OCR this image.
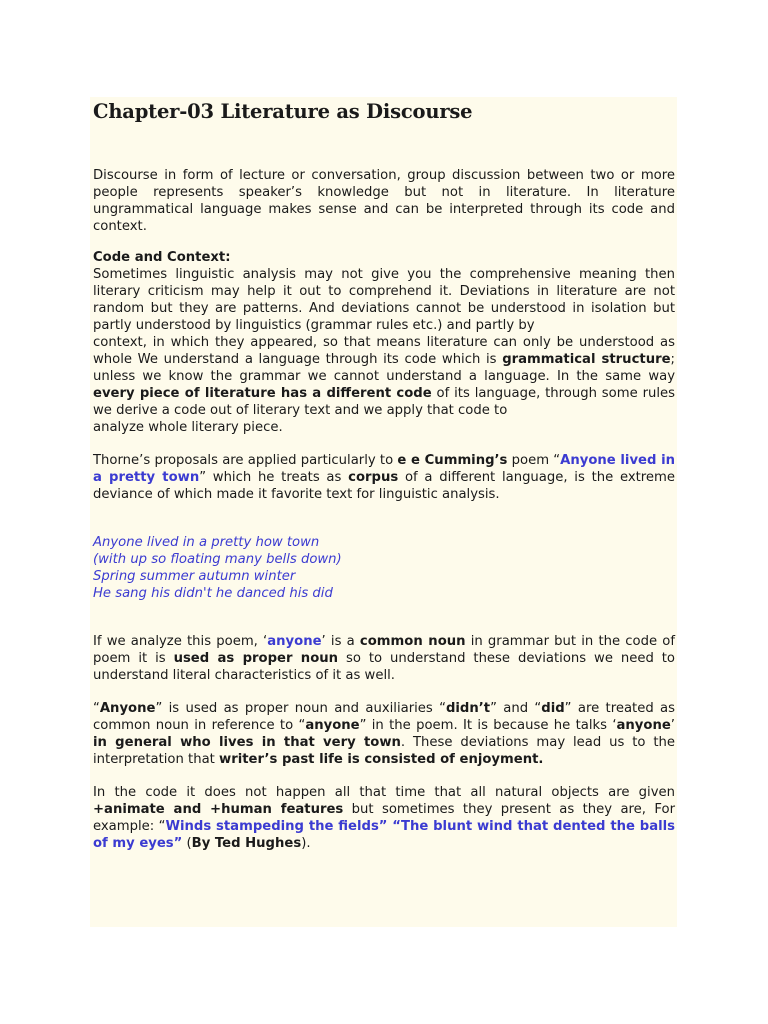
Chapter-03 Literature as Discourse

Discourse in form of lecture or conversation, group discussion between two or more people represents speaker’s knowledge but not in literature. In literature ungrammatical language makes sense and can be interpreted through its code and context.

Code and Context:

Sometimes linguistic analysis may not give you the comprehensive meaning then literary criticism may help it out to comprehend it. Deviations in literature are not random but they are patterns. And deviations cannot be understood in isolation but partly understood by linguistics (grammar rules etc.) and partly by

context, in which they appeared, so that means literature can only be understood as whole We understand a language through its code which is grammatical structure; unless we know the grammar we cannot understand a language. In the same way every piece of literature has a different code of its language, through some rules we derive a code out of literary text and we apply that code to

analyze whole literary piece.

Thorne’s proposals are applied particularly to e e Cumming’s poem “Anyone lived in a pretty town” which he treats as corpus of a different language, is the extreme deviance of which made it favorite text for linguistic analysis.

Anyone lived in a pretty how town

(with up so floating many bells down)

Spring summer autumn winter

He sang his didn't he danced his did

If we analyze this poem, ‘anyone’ is a common noun in grammar but in the code of poem it is used as proper noun so to understand these deviations we need to understand literal characteristics of it as well.

“Anyone” is used as proper noun and auxiliaries “didn’t” and “did” are treated as common noun in reference to “anyone” in the poem. It is because he talks ‘anyone’ in general who lives in that very town. These deviations may lead us to the interpretation that writer’s past life is consisted of enjoyment.

In the code it does not happen all that time that all natural objects are given +animate and +human features but sometimes they present as they are, For example: “Winds stampeding the fields” “The blunt wind that dented the balls of my eyes” (By Ted Hughes).
